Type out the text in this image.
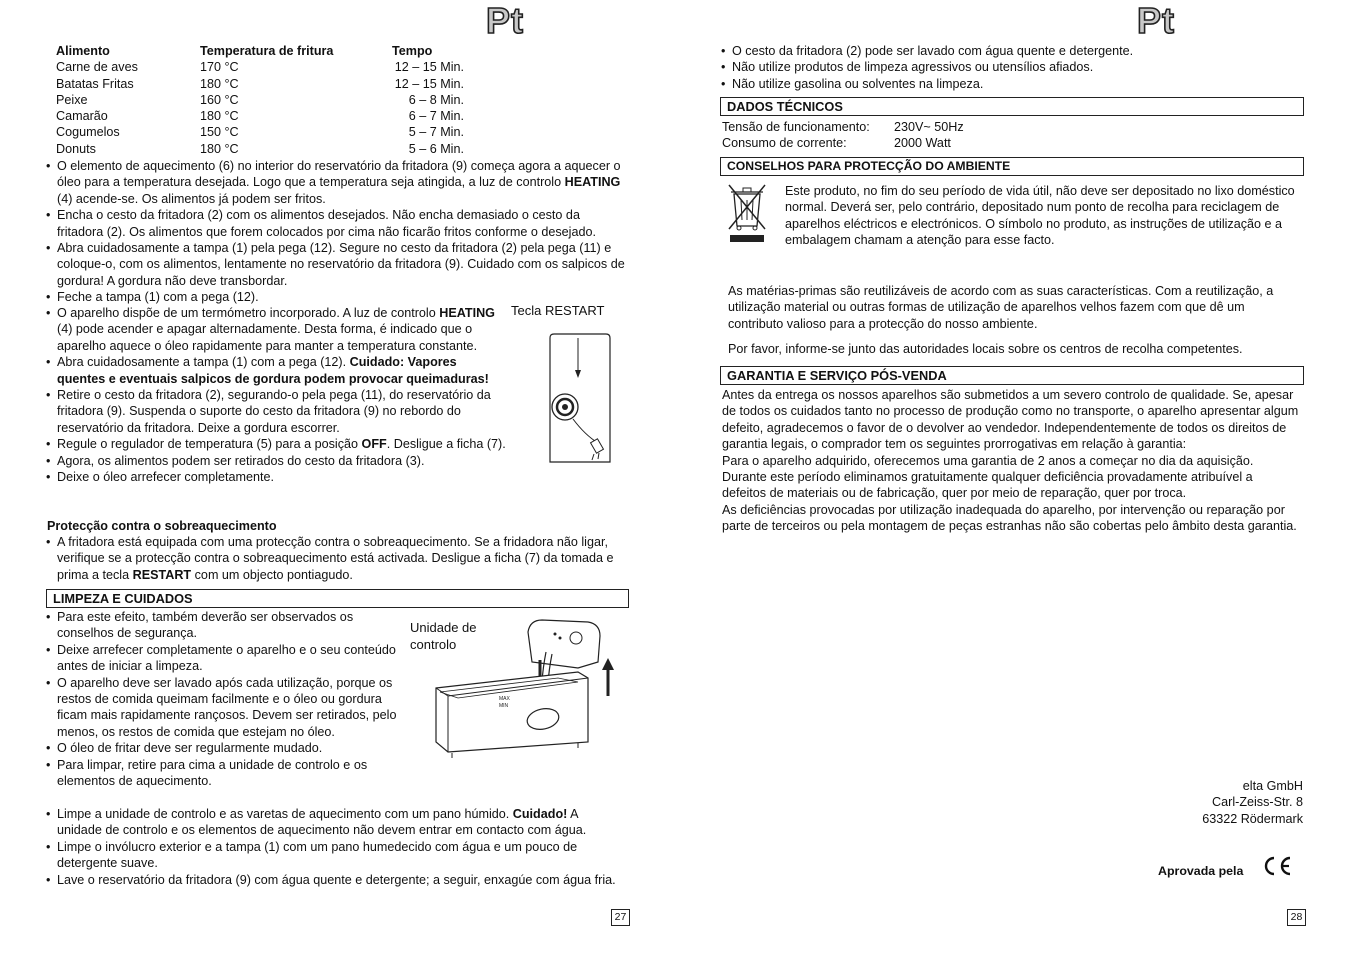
Pt
Alimento	Temperatura de fritura	Tempo
Carne de aves	170 °C	12 – 15 Min.
Batatas Fritas	180 °C	12 – 15 Min.
Peixe	160 °C	6 – 8 Min.
Camarão	180 °C	6 – 7 Min.
Cogumelos	150 °C	5 – 7 Min.
Donuts	180 °C	5 – 6 Min.
• O elemento de aquecimento (6) no interior do reservatório da fritadora (9) começa agora a aquecer o óleo para a temperatura desejada. Logo que a temperatura seja atingida, a luz de controlo HEATING (4) acende-se. Os alimentos já podem ser fritos.
• Encha o cesto da fritadora (2) com os alimentos desejados. Não encha demasiado o cesto da fritadora (2). Os alimentos que forem colocados por cima não ficarão fritos conforme o desejado.
• Abra cuidadosamente a tampa (1) pela pega (12). Segure no cesto da fritadora (2) pela pega (11) e coloque-o, com os alimentos, lentamente no reservatório da fritadora (9). Cuidado com os salpicos de gordura! A gordura não deve transbordar.
• Feche a tampa (1) com a pega (12).
Tecla RESTART
• O aparelho dispõe de um termómetro incorporado. A luz de controlo HEATING (4) pode acender e apagar alternadamente. Desta forma, é indicado que o aparelho aquece o óleo rapidamente para manter a temperatura constante.
• Abra cuidadosamente a tampa (1) com a pega (12). Cuidado: Vapores quentes e eventuais salpicos de gordura podem provocar queimaduras!
• Retire o cesto da fritadora (2), segurando-o pela pega (11), do reservatório da fritadora (9). Suspenda o suporte do cesto da fritadora (9) no rebordo do reservatório da fritadora. Deixe a gordura escorrer.
• Regule o regulador de temperatura (5) para a posição OFF. Desligue a ficha (7).
• Agora, os alimentos podem ser retirados do cesto da fritadora (3).
• Deixe o óleo arrefecer completamente.
Protecção contra o sobreaquecimento
• A fritadora está equipada com uma protecção contra o sobreaquecimento. Se a fridadora não ligar, verifique se a protecção contra o sobreaquecimento está activada. Desligue a ficha (7) da tomada e prima a tecla RESTART com um objecto pontiagudo.
LIMPEZA E CUIDADOS
Unidade de
controlo
MAX
MIN
• Para este efeito, também deverão ser observados os conselhos de segurança.
• Deixe arrefecer completamente o aparelho e o seu conteúdo antes de iniciar a limpeza.
• O aparelho deve ser lavado após cada utilização, porque os restos de comida queimam facilmente e o óleo ou gordura ficam mais rapidamente rançosos. Devem ser retirados, pelo menos, os restos de comida que estejam no óleo.
• O óleo de fritar deve ser regularmente mudado.
• Para limpar, retire para cima a unidade de controlo e os elementos de aquecimento.
• Limpe a unidade de controlo e as varetas de aquecimento com um pano húmido. Cuidado! A unidade de controlo e os elementos de aquecimento não devem entrar em contacto com água.
• Limpe o invólucro exterior e a tampa (1) com um pano humedecido com água e um pouco de detergente suave.
• Lave o reservatório da fritadora (9) com água quente e detergente; a seguir, enxagúe com água fria.
27
Pt
• O cesto da fritadora (2) pode ser lavado com água quente e detergente.
• Não utilize produtos de limpeza agressivos ou utensílios afiados.
• Não utilize gasolina ou solventes na limpeza.
DADOS TÉCNICOS
Tensão de funcionamento: 230V~ 50Hz
Consumo de corrente:	2000 Watt
CONSELHOS PARA PROTECÇÃO DO AMBIENTE
Este produto, no fim do seu período de vida útil, não deve ser depositado no lixo doméstico normal. Deverá ser, pelo contrário, depositado num ponto de recolha para reciclagem de aparelhos eléctricos e electrónicos. O símbolo no produto, as instruções de utilização e a embalagem chamam a atenção para esse facto.
As matérias-primas são reutilizáveis de acordo com as suas características. Com a reutilização, a utilização material ou outras formas de utilização de aparelhos velhos fazem com que dê um contributo valioso para a protecção do nosso ambiente.
Por favor, informe-se junto das autoridades locais sobre os centros de recolha competentes.
GARANTIA E SERVIÇO PÓS-VENDA
Antes da entrega os nossos aparelhos são submetidos a um severo controlo de qualidade. Se, apesar de todos os cuidados tanto no processo de produção como no transporte, o aparelho apresentar algum defeito, agradecemos o favor de o devolver ao vendedor. Independentemente de todos os direitos de garantia legais, o comprador tem os seguintes prorrogativas em relação à garantia:
Para o aparelho adquirido, oferecemos uma garantia de 2 anos a começar no dia da aquisição. Durante este período eliminamos gratuitamente qualquer deficiência provadamente atribuível a defeitos de materiais ou de fabricação, quer por meio de reparação, quer por troca.
As deficiências provocadas por utilização inadequada do aparelho, por intervenção ou reparação por parte de terceiros ou pela montagem de peças estranhas não são cobertas pelo âmbito desta garantia.
elta GmbH
Carl-Zeiss-Str. 8
63322 Rödermark
Aprovada pela
28
